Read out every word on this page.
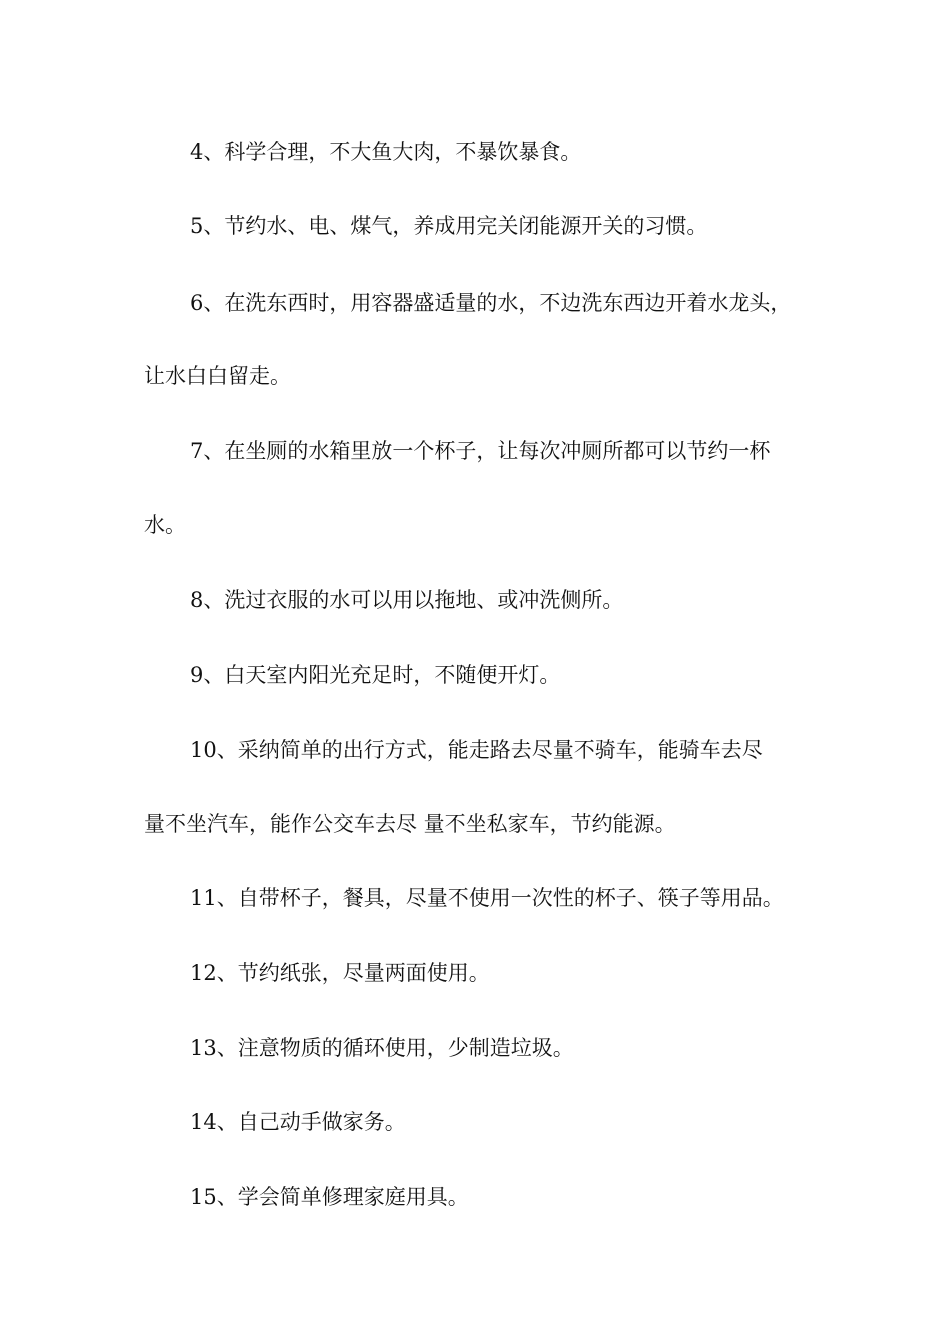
4、科学合理，不大鱼大肉，不暴饮暴食。
5、节约水、电、煤气，养成用完关闭能源开关的习惯。
6、在洗东西时，用容器盛适量的水，不边洗东西边开着水龙头，
让水白白留走。
7、在坐厕的水箱里放一个杯子，让每次冲厕所都可以节约一杯
水。
8、洗过衣服的水可以用以拖地、或冲洗侧所。
9、白天室内阳光充足时，不随便开灯。
10、采纳简单的出行方式，能走路去尽量不骑车，能骑车去尽
量不坐汽车，能作公交车去尽 量不坐私家车，节约能源。
11、自带杯子，餐具，尽量不使用一次性的杯子、筷子等用品。
12、节约纸张，尽量两面使用。
13、注意物质的循环使用，少制造垃圾。
14、自己动手做家务。
15、学会简单修理家庭用具。
